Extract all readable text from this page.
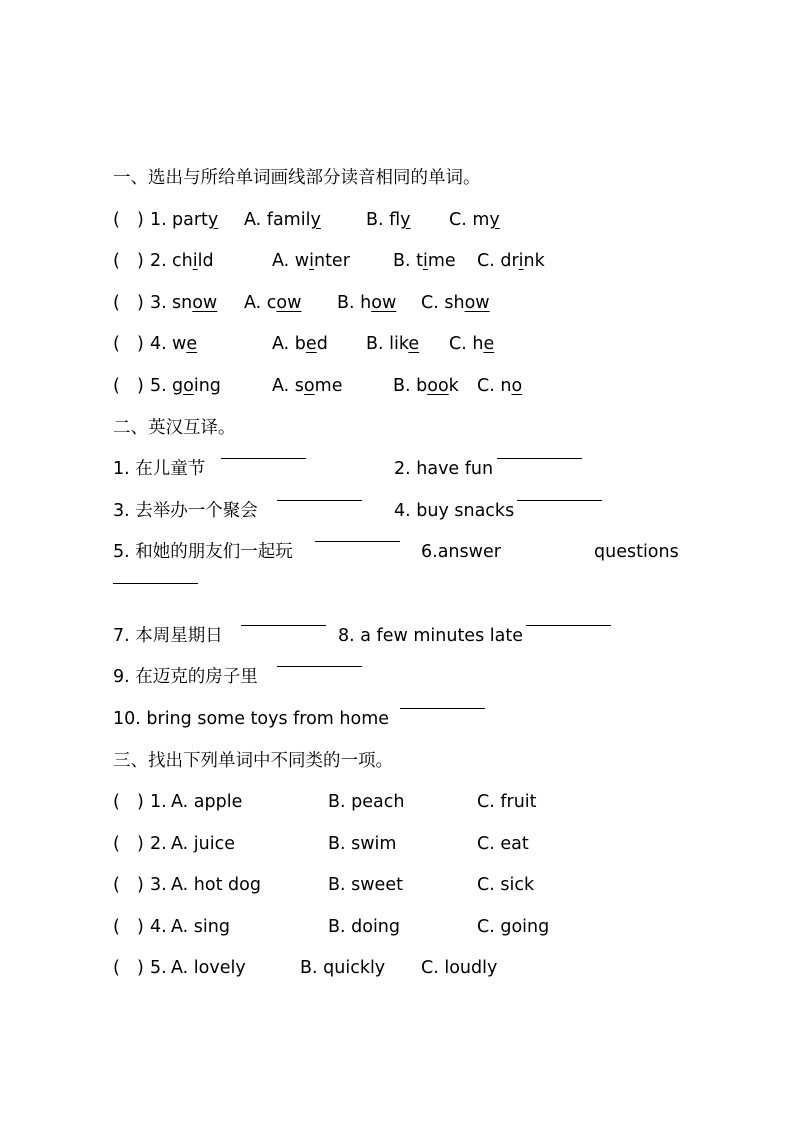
一、选出与所给单词画线部分读音相同的单词。
( ) 1. party A. family	B. fly C. my
( ) 2. child	A. winter B. time C. drink
( ) 3. snow A. cow B. how C. show
( ) 4. we	A. bed B. like C. he
( ) 5. going	A. some	B. book C. no
二、英汉互译。
1. 在儿童节	2. have fun
3. 去举办一个聚会	4. buy snacks
5. 和她的朋友们一起玩	6.answer	questions
7. 本周星期日	8. a few minutes late
9. 在迈克的房子里
10. bring some toys from home
三、找出下列单词中不同类的一项。
( ) 1. A. apple	B. peach	C. fruit
( ) 2. A. juice	B. swim	C. eat
( ) 3. A. hot dog	B. sweet	C. sick
( ) 4. A. sing	B. doing	C. going
( ) 5. A. lovely	B. quickly C. loudly
